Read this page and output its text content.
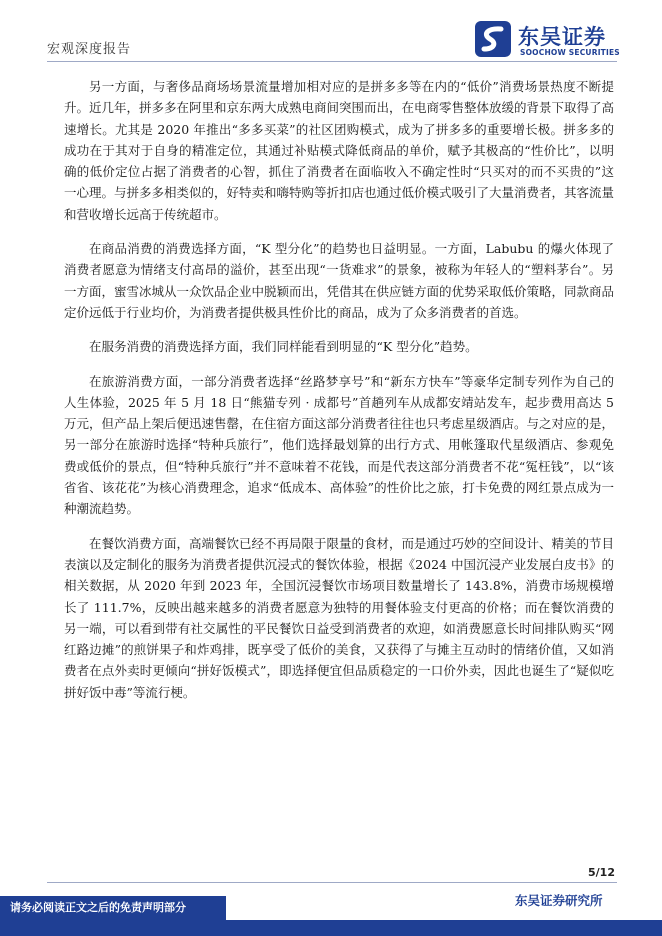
宏观深度报告
东吴证券
SOOCHOW SECURITIES

另一方面，与奢侈品商场场景流量增加相对应的是拼多多等在内的“低价”消费场景热度不断提升。近几年，拼多多在阿里和京东两大成熟电商间突围而出，在电商零售整体放缓的背景下取得了高速增长。尤其是 2020 年推出“多多买菜”的社区团购模式，成为了拼多多的重要增长极。拼多多的成功在于其对于自身的精准定位，其通过补贴模式降低商品的单价，赋予其极高的“性价比”，以明确的低价定位占据了消费者的心智，抓住了消费者在面临收入不确定性时“只买对的而不买贵的”这一心理。与拼多多相类似的，好特卖和嗨特购等折扣店也通过低价模式吸引了大量消费者，其客流量和营收增长远高于传统超市。

在商品消费的消费选择方面，“K 型分化”的趋势也日益明显。一方面，Labubu 的爆火体现了消费者愿意为情绪支付高昂的溢价，甚至出现“一货难求”的景象，被称为年轻人的“塑料茅台”。另一方面，蜜雪冰城从一众饮品企业中脱颖而出，凭借其在供应链方面的优势采取低价策略，同款商品定价远低于行业均价，为消费者提供极具性价比的商品，成为了众多消费者的首选。

在服务消费的消费选择方面，我们同样能看到明显的“K 型分化”趋势。

在旅游消费方面，一部分消费者选择“丝路梦享号”和“新东方快车”等豪华定制专列作为自己的人生体验，2025 年 5 月 18 日“熊猫专列 · 成都号”首趟列车从成都安靖站发车，起步费用高达 5 万元，但产品上架后便迅速售罄，在住宿方面这部分消费者往往也只考虑星级酒店。与之对应的是，另一部分在旅游时选择“特种兵旅行”，他们选择最划算的出行方式、用帐篷取代星级酒店、参观免费或低价的景点，但“特种兵旅行”并不意味着不花钱，而是代表这部分消费者不花“冤枉钱”，以“该省省、该花花”为核心消费理念，追求“低成本、高体验”的性价比之旅，打卡免费的网红景点成为一种潮流趋势。

在餐饮消费方面，高端餐饮已经不再局限于限量的食材，而是通过巧妙的空间设计、精美的节目表演以及定制化的服务为消费者提供沉浸式的餐饮体验，根据《2024 中国沉浸产业发展白皮书》的相关数据，从 2020 年到 2023 年，全国沉浸餐饮市场项目数量增长了 143.8%，消费市场规模增长了 111.7%，反映出越来越多的消费者愿意为独特的用餐体验支付更高的价格；而在餐饮消费的另一端，可以看到带有社交属性的平民餐饮日益受到消费者的欢迎，如消费愿意长时间排队购买“网红路边摊”的煎饼果子和炸鸡排，既享受了低价的美食，又获得了与摊主互动时的情绪价值，又如消费者在点外卖时更倾向“拼好饭模式”，即选择便宜但品质稳定的一口价外卖，因此也诞生了“疑似吃拼好饭中毒”等流行梗。

5/12
请务必阅读正文之后的免责声明部分	东吴证券研究所
